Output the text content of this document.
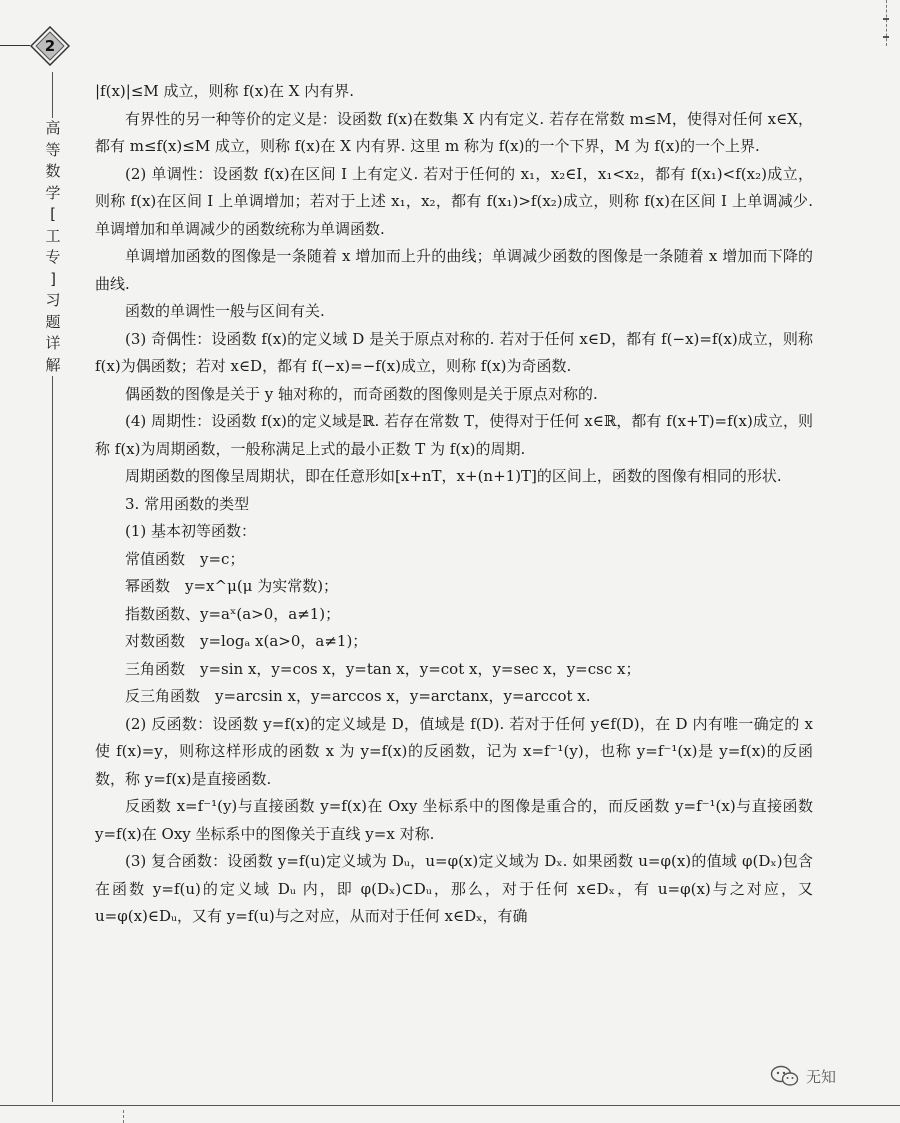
2
高
等
数
学
[
工
专
]
习
题
详
解

|f(x)|≤M 成立，则称 f(x)在 X 内有界.

有界性的另一种等价的定义是：设函数 f(x)在数集 X 内有定义. 若存在常数 m≤M，使得对任何 x∈X，都有 m≤f(x)≤M 成立，则称 f(x)在 X 内有界. 这里 m 称为 f(x)的一个下界，M 为 f(x)的一个上界.

(2) 单调性：设函数 f(x)在区间 I 上有定义. 若对于任何的 x₁，x₂∈I，x₁<x₂，都有 f(x₁)<f(x₂)成立，则称 f(x)在区间 I 上单调增加；若对于上述 x₁，x₂，都有 f(x₁)>f(x₂)成立，则称 f(x)在区间 I 上单调减少. 单调增加和单调减少的函数统称为单调函数.

单调增加函数的图像是一条随着 x 增加而上升的曲线；单调减少函数的图像是一条随着 x 增加而下降的曲线.

函数的单调性一般与区间有关.

(3) 奇偶性：设函数 f(x)的定义域 D 是关于原点对称的. 若对于任何 x∈D，都有 f(−x)=f(x)成立，则称 f(x)为偶函数；若对 x∈D，都有 f(−x)=−f(x)成立，则称 f(x)为奇函数.

偶函数的图像是关于 y 轴对称的，而奇函数的图像则是关于原点对称的.

(4) 周期性：设函数 f(x)的定义域是ℝ. 若存在常数 T，使得对于任何 x∈ℝ，都有 f(x+T)=f(x)成立，则称 f(x)为周期函数，一般称满足上式的最小正数 T 为 f(x)的周期.

周期函数的图像呈周期状，即在任意形如[x+nT，x+(n+1)T]的区间上，函数的图像有相同的形状.

3. 常用函数的类型

(1) 基本初等函数：

常值函数　y=c；

幂函数　y=x^μ(μ 为实常数)；

指数函数、y=aˣ(a>0，a≠1)；

对数函数　y=logₐ x(a>0，a≠1)；

三角函数　y=sin x，y=cos x，y=tan x，y=cot x，y=sec x，y=csc x；

反三角函数　y=arcsin x，y=arccos x，y=arctanx，y=arccot x.

(2) 反函数：设函数 y=f(x)的定义域是 D，值域是 f(D). 若对于任何 y∈f(D)，在 D 内有唯一确定的 x 使 f(x)=y，则称这样形成的函数 x 为 y=f(x)的反函数，记为 x=f⁻¹(y)，也称 y=f⁻¹(x)是 y=f(x)的反函数，称 y=f(x)是直接函数.

反函数 x=f⁻¹(y)与直接函数 y=f(x)在 Oxy 坐标系中的图像是重合的，而反函数 y=f⁻¹(x)与直接函数 y=f(x)在 Oxy 坐标系中的图像关于直线 y=x 对称.

(3) 复合函数：设函数 y=f(u)定义域为 Dᵤ，u=φ(x)定义域为 Dₓ. 如果函数 u=φ(x)的值域 φ(Dₓ)包含在函数 y=f(u)的定义域 Dᵤ 内，即 φ(Dₓ)⊂Dᵤ，那么，对于任何 x∈Dₓ，有 u=φ(x)与之对应，又 u=φ(x)∈Dᵤ，又有 y=f(u)与之对应，从而对于任何 x∈Dₓ，有确

无知
